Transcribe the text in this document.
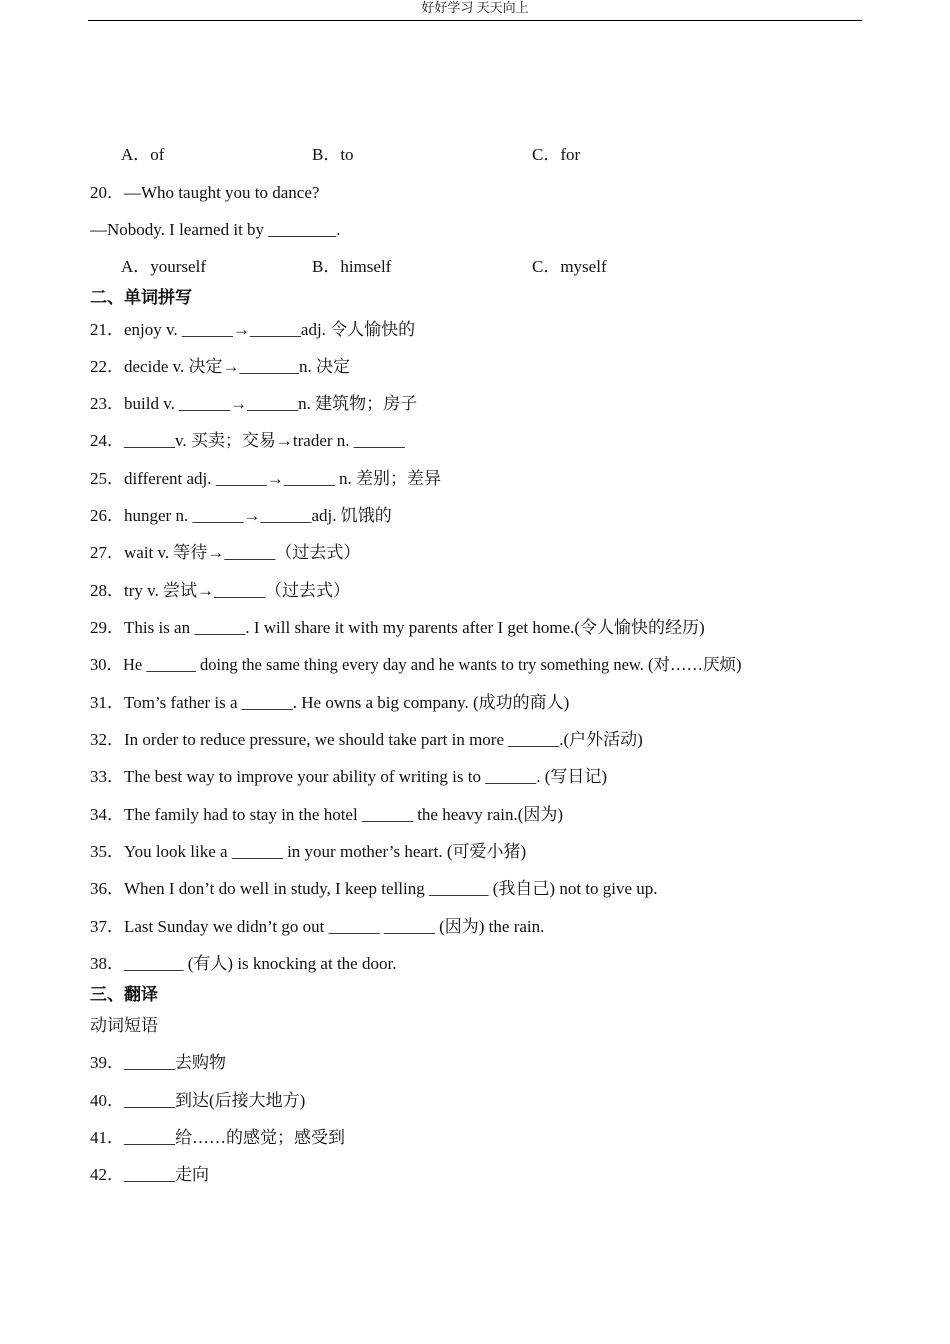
好好学习 天天向上
A．of	B．to	C．for
20．—Who taught you to dance?
—Nobody. I learned it by ________.
A．yourself	B．himself	C．myself
二、单词拼写
21．enjoy v. ______→______adj. 令人愉快的
22．decide v. 决定→_______n. 决定
23．build v. ______→______n. 建筑物；房子
24．______v. 买卖；交易→trader n. ______
25．different adj. ______→______ n. 差别；差异
26．hunger n. ______→______adj. 饥饿的
27．wait v. 等待→______（过去式）
28．try v. 尝试→______（过去式）
29．This is an ______. I will share it with my parents after I get home.(令人愉快的经历)
30．He ______ doing the same thing every day and he wants to try something new. (对……厌烦)
31．Tom’s father is a ______. He owns a big company. (成功的商人)
32．In order to reduce pressure, we should take part in more ______.(户外活动)
33．The best way to improve your ability of writing is to ______. (写日记)
34．The family had to stay in the hotel ______ the heavy rain.(因为)
35．You look like a ______ in your mother’s heart. (可爱小猪)
36．When I don’t do well in study, I keep telling _______ (我自己) not to give up.
37．Last Sunday we didn’t go out ______ ______ (因为) the rain.
38．_______ (有人) is knocking at the door.
三、翻译
动词短语
39．______去购物
40．______到达(后接大地方)
41．______给……的感觉；感受到
42．______走向
